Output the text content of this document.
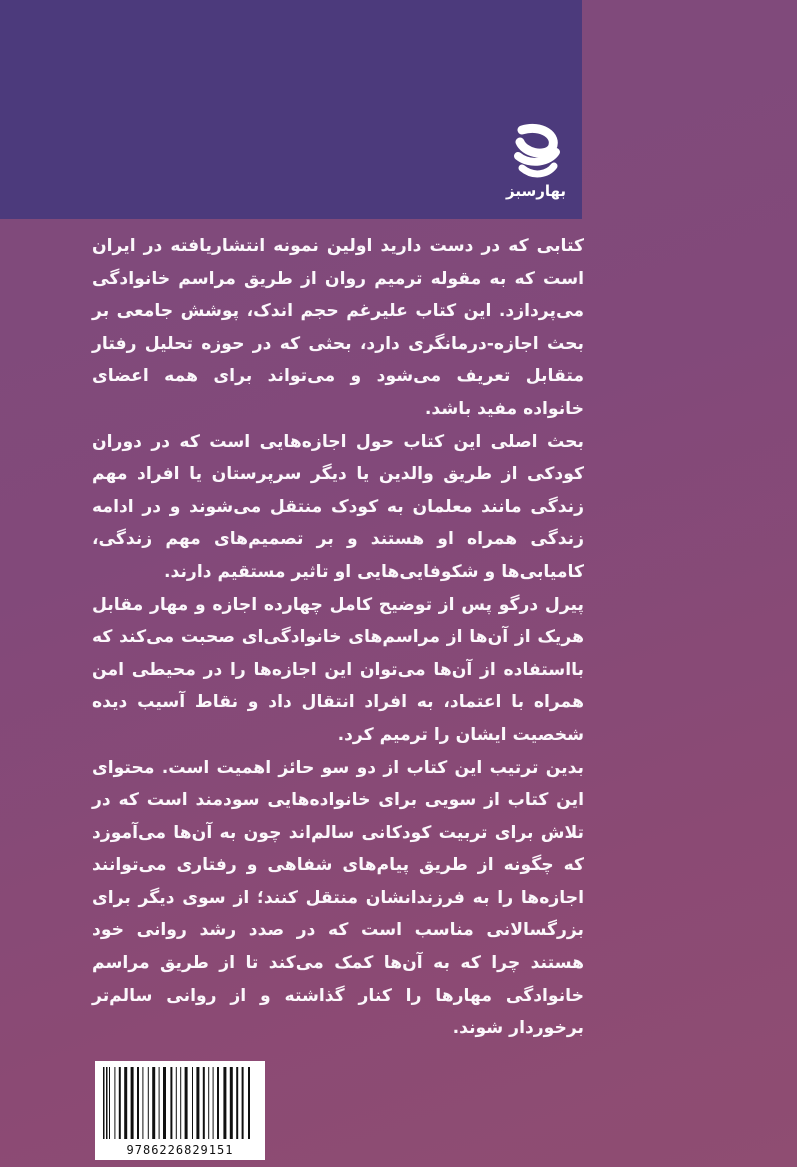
بهارسبز

کتابی که در دست دارید اولین نمونه انتشاریافته در ایران است که به مقوله ترمیم روان از طریق مراسم خانوادگی می‌پردازد. این کتاب علیرغم حجم اندک، پوشش جامعی بر بحث اجازه-درمانگری دارد، بحثی که در حوزه تحلیل رفتار متقابل تعریف می‌شود و می‌تواند برای همه اعضای خانواده مفید باشد.

بحث اصلی این کتاب حول اجازه‌هایی است که در دوران کودکی از طریق والدین یا دیگر سرپرستان یا افراد مهم زندگی مانند معلمان به کودک منتقل می‌شوند و در ادامه زندگی همراه او هستند و بر تصمیم‌های مهم زندگی، کامیابی‌ها و شکوفایی‌هایی او تاثیر مستقیم دارند.

پیرل درگو پس از توضیح کامل چهارده اجازه و مهار مقابل هریک از آن‌ها از مراسم‌های خانوادگی‌ای صحبت می‌کند که بااستفاده از آن‌ها می‌توان این اجازه‌ها را در محیطی امن همراه با اعتماد، به افراد انتقال داد و نقاط آسیب دیده شخصیت ایشان را ترمیم کرد.

بدین ترتیب این کتاب از دو سو حائز اهمیت است. محتوای این کتاب از سویی برای خانواده‌هایی سودمند است که در تلاش برای تربیت کودکانی سالم‌اند چون به آن‌ها می‌آموزد که چگونه از طریق پیام‌های شفاهی و رفتاری می‌توانند اجازه‌ها را به فرزندانشان منتقل کنند؛ از سوی دیگر برای بزرگسالانی مناسب است که در صدد رشد روانی خود هستند چرا که به آن‌ها کمک می‌کند تا از طریق مراسم خانوادگی مهارها را کنار گذاشته و از روانی سالم‌تر برخوردار شوند.

9786226829151
